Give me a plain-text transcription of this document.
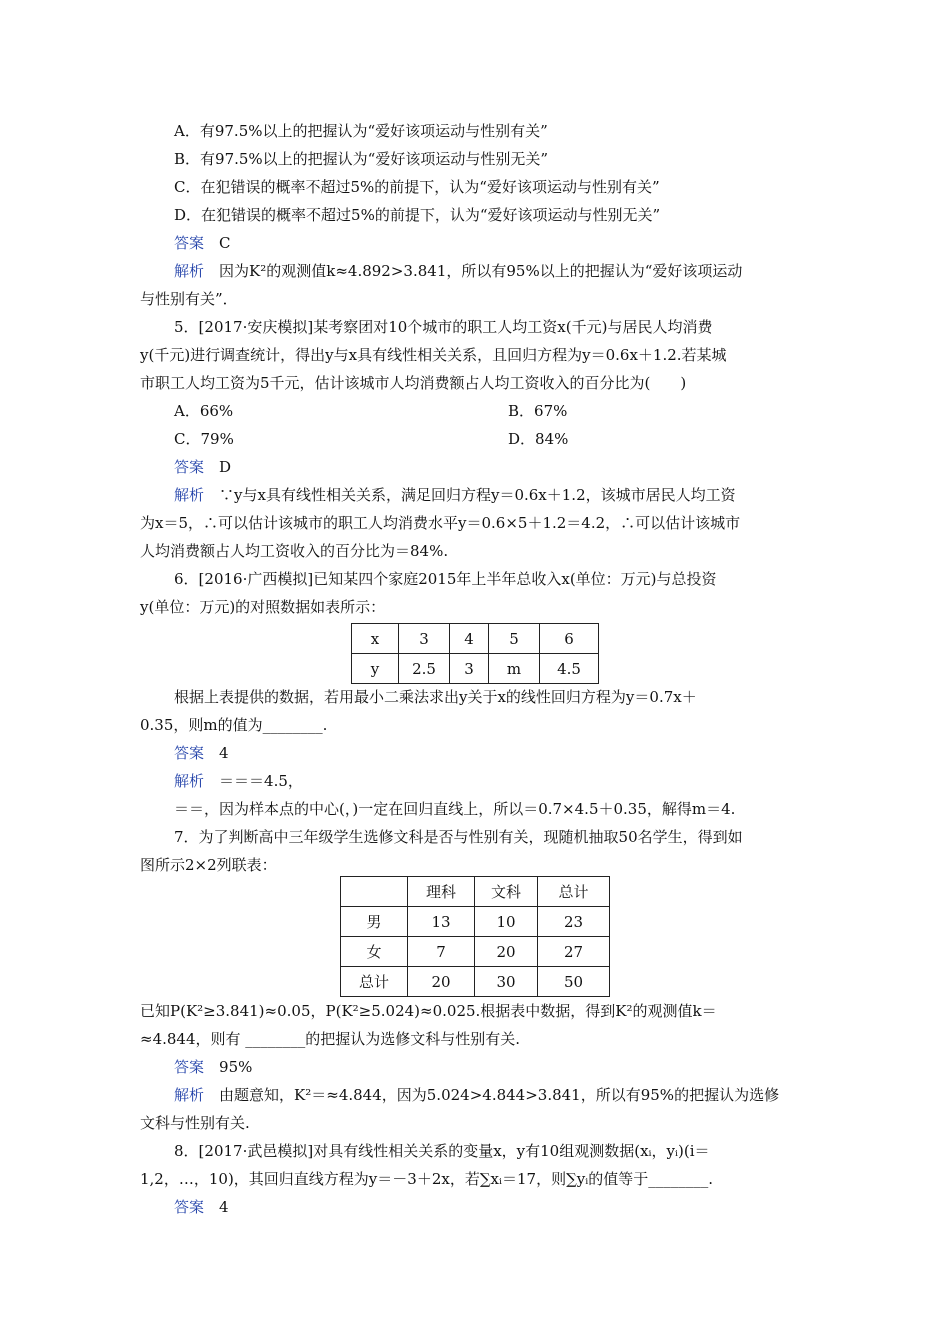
A．有97.5%以上的把握认为“爱好该项运动与性别有关”
B．有97.5%以上的把握认为“爱好该项运动与性别无关”
C．在犯错误的概率不超过5%的前提下，认为“爱好该项运动与性别有关”
D．在犯错误的概率不超过5%的前提下，认为“爱好该项运动与性别无关”
答案　 C
解析　 因为K²的观测值k≈4.892>3.841，所以有95%以上的把握认为“爱好该项运动
与性别有关”．
5．[2017·安庆模拟]某考察团对10个城市的职工人均工资x(千元)与居民人均消费
y(千元)进行调查统计，得出y与x具有线性相关关系，且回归方程为y＝0.6x＋1.2.若某城
市职工人均工资为5千元，估计该城市人均消费额占人均工资收入的百分比为(　　)
A．66%	B．67%
C．79%	D．84%
答案　 D
解析　 ∵y与x具有线性相关关系，满足回归方程y＝0.6x＋1.2，该城市居民人均工资
为x＝5，∴可以估计该城市的职工人均消费水平y＝0.6×5＋1.2＝4.2，∴可以估计该城市
人均消费额占人均工资收入的百分比为＝84%.
6．[2016·广西模拟]已知某四个家庭2015年上半年总收入x(单位：万元)与总投资
y(单位：万元)的对照数据如表所示：
x	3	4	5	6
y	2.5	3	m	4.5
根据上表提供的数据，若用最小二乘法求出y关于x的线性回归方程为y＝0.7x＋
0.35，则m的值为________.
答案　 4
解析　 ＝＝＝4.5，
＝＝，因为样本点的中心(，)一定在回归直线上，所以＝0.7×4.5＋0.35，解得m＝4.
7．为了判断高中三年级学生选修文科是否与性别有关，现随机抽取50名学生，得到如
图所示2×2列联表：
	理科	文科	总计
男	13	10	23
女	7	20	27
总计	20	30	50
已知P(K²≥3.841)≈0.05，P(K²≥5.024)≈0.025.根据表中数据，得到K²的观测值k＝
≈4.844，则有 ________的把握认为选修文科与性别有关.
答案　 95%
解析　 由题意知，K²＝≈4.844，因为5.024>4.844>3.841，所以有95%的把握认为选修
文科与性别有关.
8．[2017·武邑模拟]对具有线性相关关系的变量x，y有10组观测数据(xᵢ，yᵢ)(i＝
1,2，…，10)，其回归直线方程为y＝－3＋2x，若∑xᵢ＝17，则∑yᵢ的值等于________.
答案　 4
